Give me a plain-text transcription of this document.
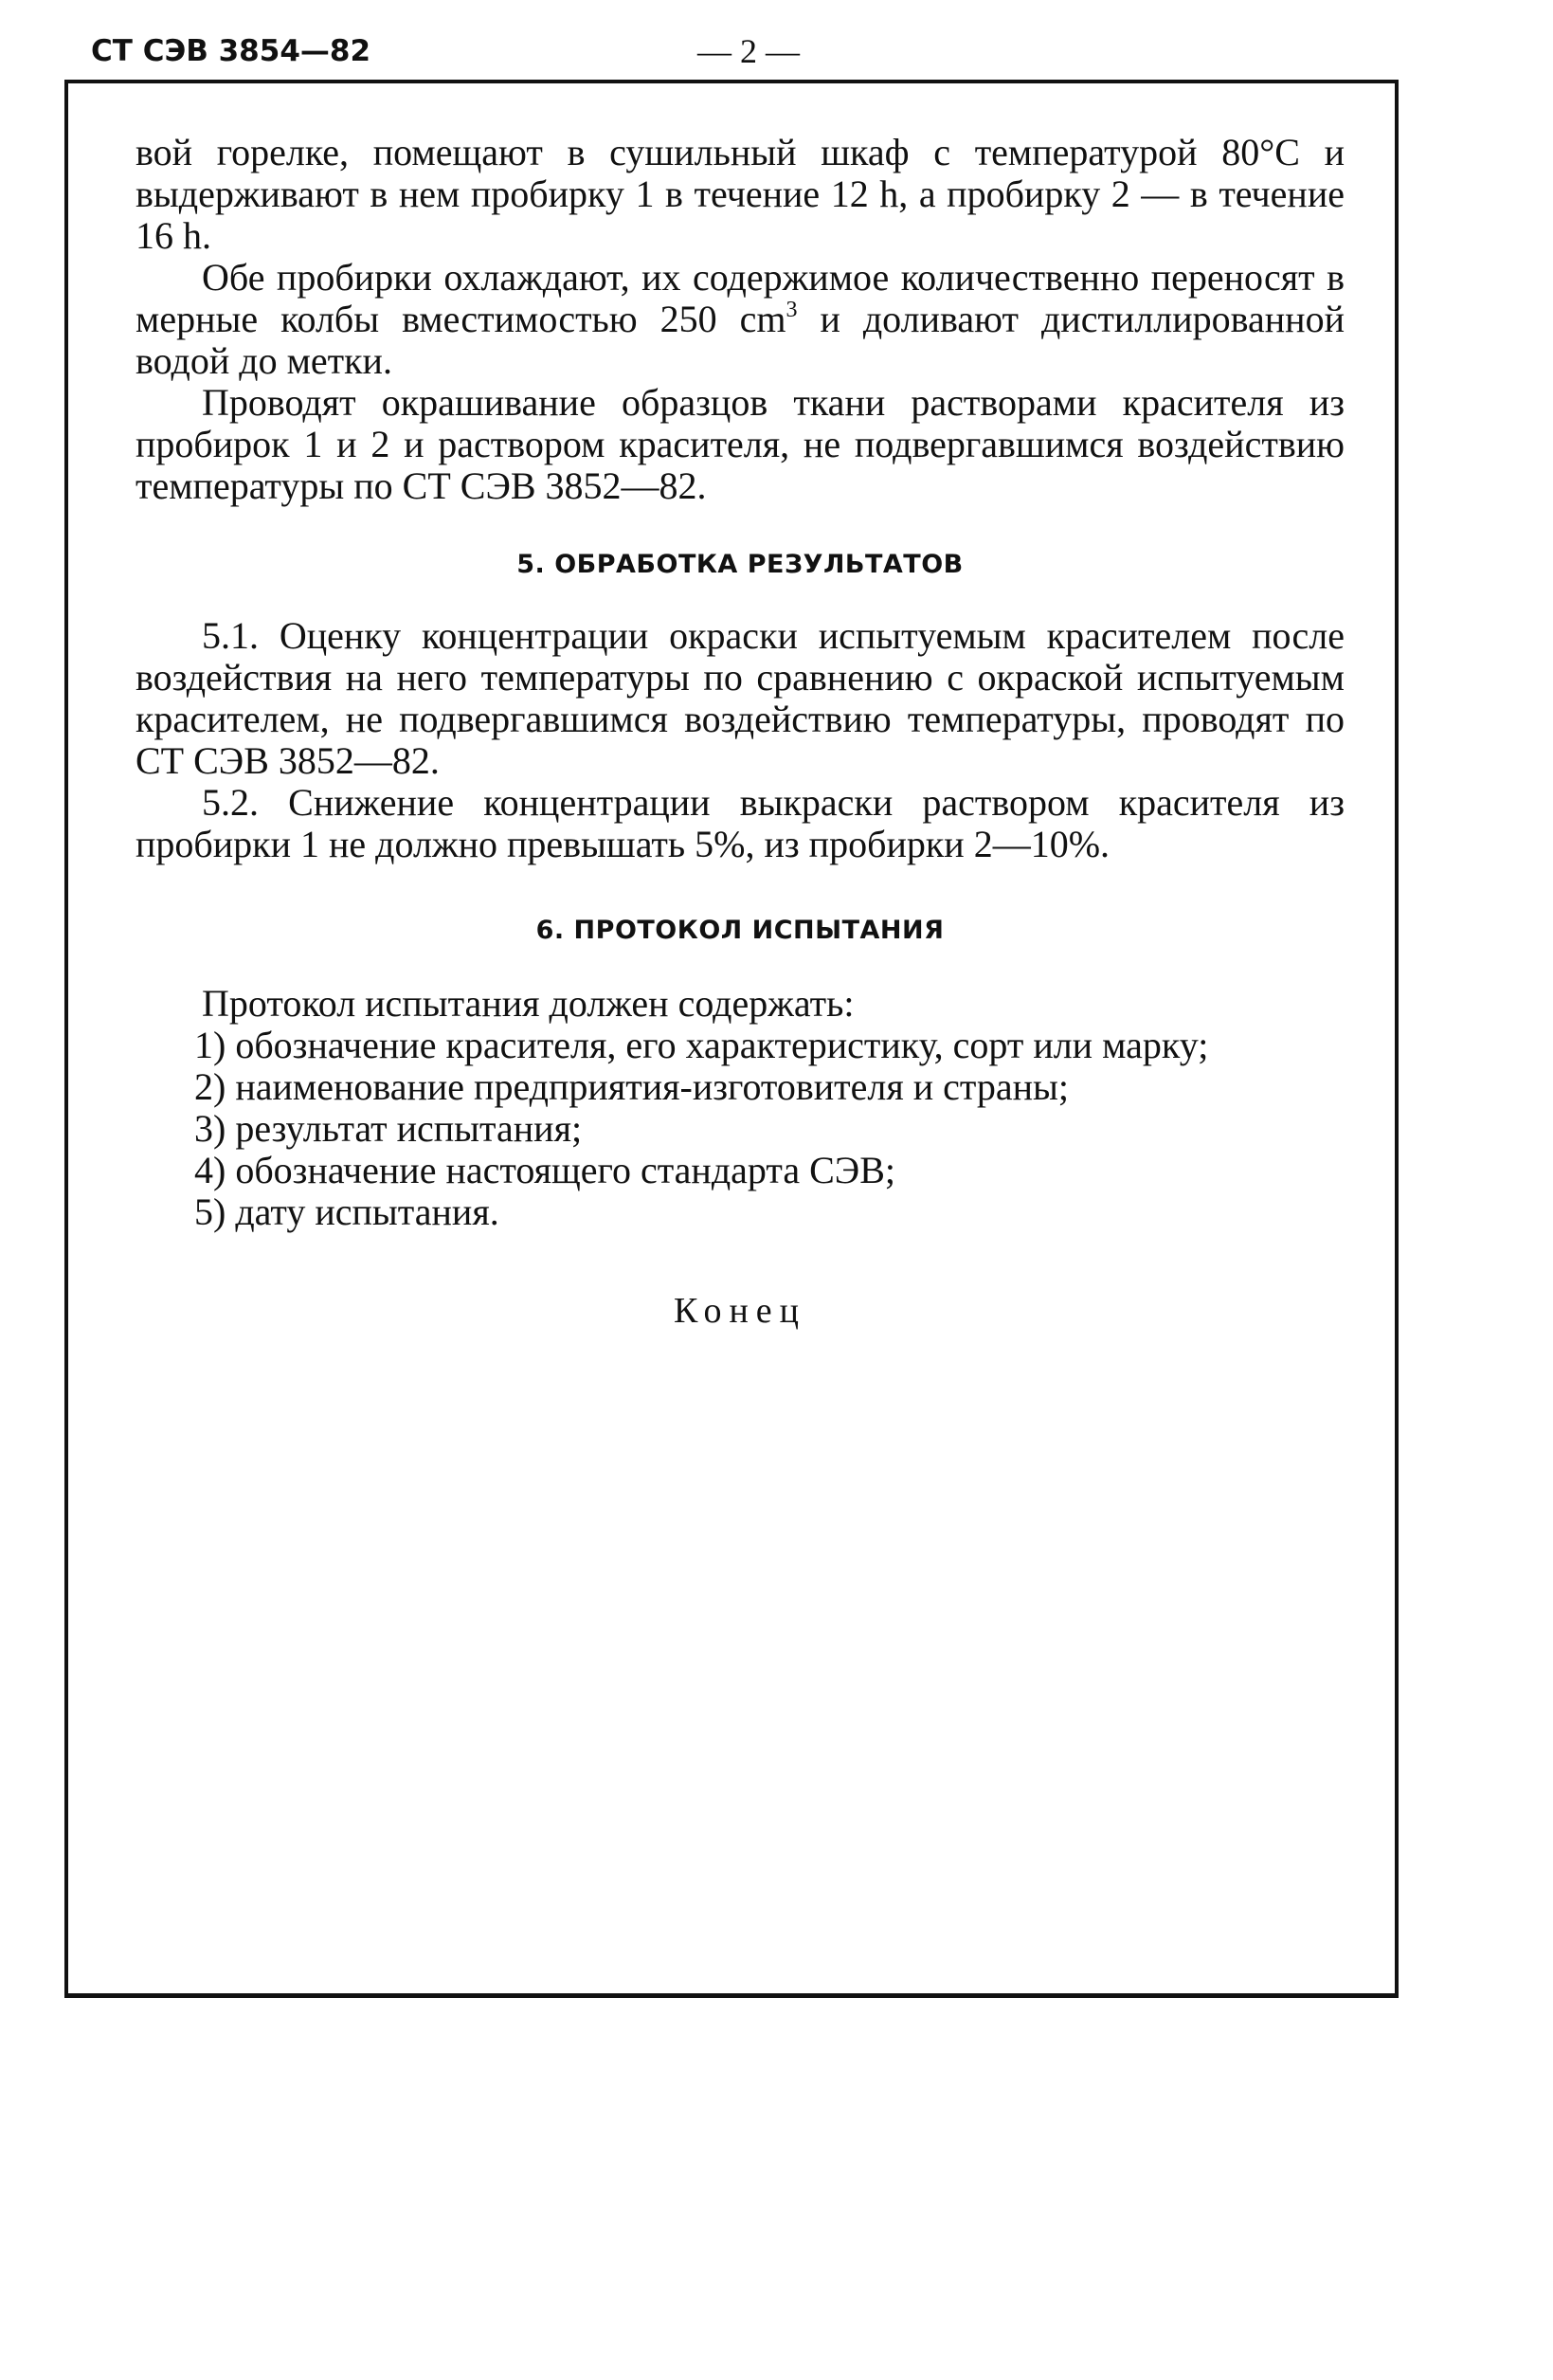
СТ СЭВ 3854—82	— 2 —

вой горелке, помещают в сушильный шкаф с температурой 80°С и выдерживают в нем пробирку 1 в течение 12 h, а пробирку 2 — в течение 16 h.

Обе пробирки охлаждают, их содержимое количественно переносят в мерные колбы вместимостью 250 $cm^3$ и доливают дистиллированной водой до метки.

Проводят окрашивание образцов ткани растворами красителя из пробирок 1 и 2 и раствором красителя, не подвергавшимся воздействию температуры по СТ СЭВ 3852—82.

5. ОБРАБОТКА РЕЗУЛЬТАТОВ

5.1. Оценку концентрации окраски испытуемым красителем после воздействия на него температуры по сравнению с окраской испытуемым красителем, не подвергавшимся воздействию температуры, проводят по СТ СЭВ 3852—82.

5.2. Снижение концентрации выкраски раствором красителя из пробирки 1 не должно превышать 5%, из пробирки 2—10%.

6. ПРОТОКОЛ ИСПЫТАНИЯ

Протокол испытания должен содержать:

1) обозначение красителя, его характеристику, сорт или марку;

2) наименование предприятия-изготовителя и страны;

3) результат испытания;

4) обозначение настоящего стандарта СЭВ;

5) дату испытания.

Конец
